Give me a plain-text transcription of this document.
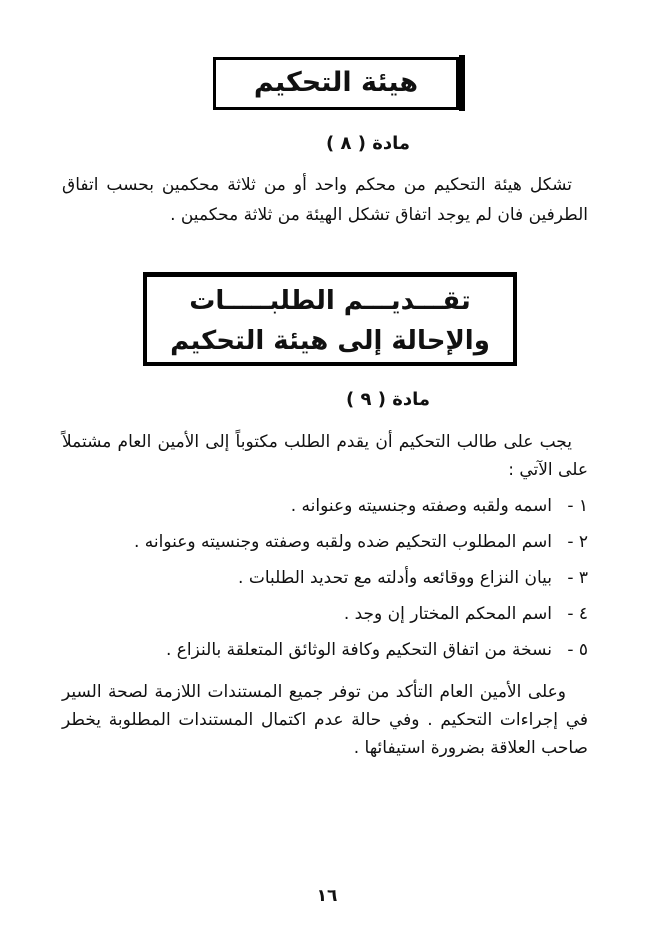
هيئة التحكيم
مادة ( ٨ )

تشكل هيئة التحكيم من محكم واحد أو من ثلاثة محكمين بحسب اتفاق الطرفين فان لم يوجد اتفاق تشكل الهيئة من ثلاثة محكمين .

تقـــديـــم الطلبـــــات
والإحالة إلى هيئة التحكيم
مادة ( ٩ )

يجب على طالب التحكيم أن يقدم الطلب مكتوباً إلى الأمين العام مشتملاً على الآتي :

١ -
اسمه ولقبه وصفته وجنسيته وعنوانه .
٢ -
اسم المطلوب التحكيم ضده ولقبه وصفته وجنسيته وعنوانه .
٣ -
بيان النزاع ووقائعه وأدلته مع تحديد الطلبات .
٤ -
اسم المحكم المختار إن وجد .
٥ -
نسخة من اتفاق التحكيم وكافة الوثائق المتعلقة بالنزاع .

وعلى الأمين العام التأكد من توفر جميع المستندات اللازمة لصحة السير في إجراءات التحكيم . وفي حالة عدم اكتمال المستندات المطلوبة يخطر صاحب العلاقة بضرورة استيفائها .

١٦
